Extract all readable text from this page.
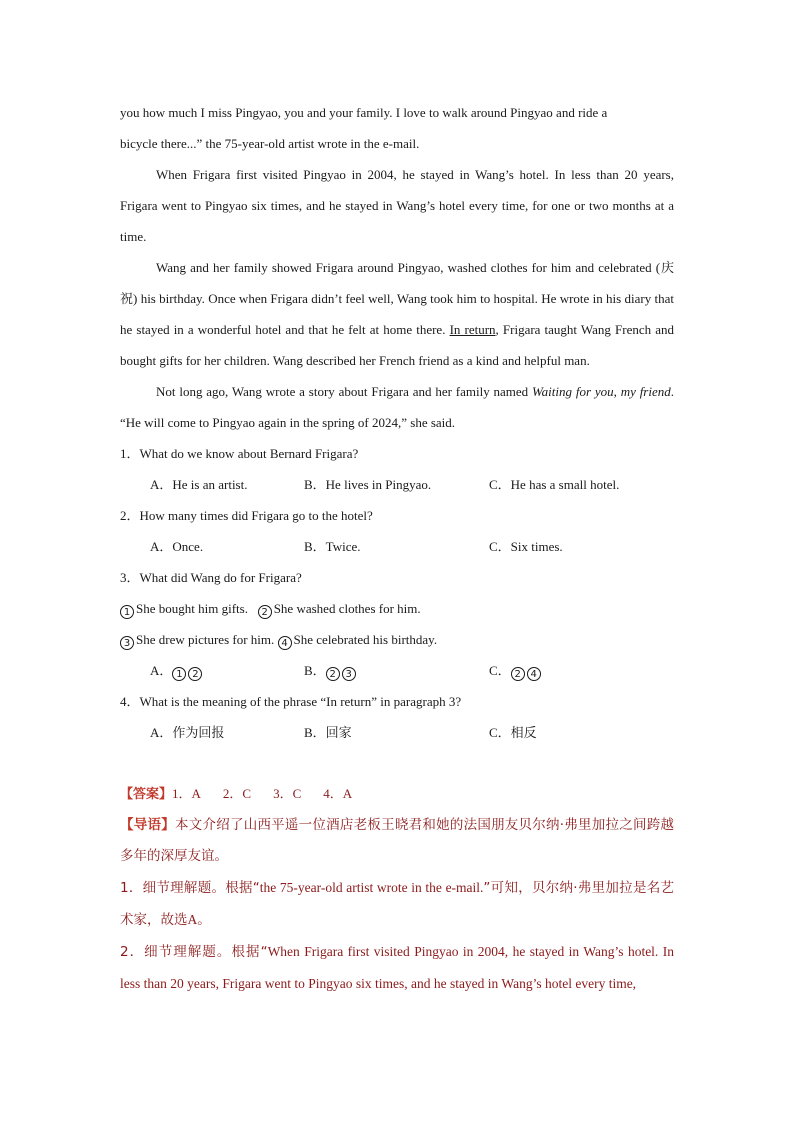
you how much I miss Pingyao, you and your family. I love to walk around Pingyao and ride a

bicycle there...” the 75-year-old artist wrote in the e-mail.

When Frigara first visited Pingyao in 2004, he stayed in Wang’s hotel. In less than 20 years, Frigara went to Pingyao six times, and he stayed in Wang’s hotel every time, for one or two months at a time.

Wang and her family showed Frigara around Pingyao, washed clothes for him and celebrated (庆祝) his birthday. Once when Frigara didn’t feel well, Wang took him to hospital. He wrote in his diary that he stayed in a wonderful hotel and that he felt at home there. In return, Frigara taught Wang French and bought gifts for her children. Wang described her French friend as a kind and helpful man.

Not long ago, Wang wrote a story about Frigara and her family named Waiting for you, my friend. “He will come to Pingyao again in the spring of 2024,” she said.

1．What do we know about Bernard Frigara?

A．He is an artist.	B．He lives in Pingyao.	C．He has a small hotel.

2．How many times did Frigara go to the hotel?

A．Once.	B．Twice.	C．Six times.

3．What did Wang do for Frigara?

1 She bought him gifts. 2 She washed clothes for him.

3 She drew pictures for him. 4 She celebrated his birthday.

A． 1 2	B． 2 3	C． 2 4

4．What is the meaning of the phrase “In return” in paragraph 3?

A．作为回报	B．回家	C．相反

【答案】1．A 2．C 3．C 4．A

【导语】本文介绍了山西平遥一位酒店老板王晓君和她的法国朋友贝尔纳·弗里加拉之间跨越多年的深厚友谊。

1．细节理解题。根据“the 75-year-old artist wrote in the e-mail.”可知，贝尔纳·弗里加拉是名艺术家，故选A。

2．细节理解题。根据“When Frigara first visited Pingyao in 2004, he stayed in Wang’s hotel. In less than 20 years, Frigara went to Pingyao six times, and he stayed in Wang’s hotel every time,
